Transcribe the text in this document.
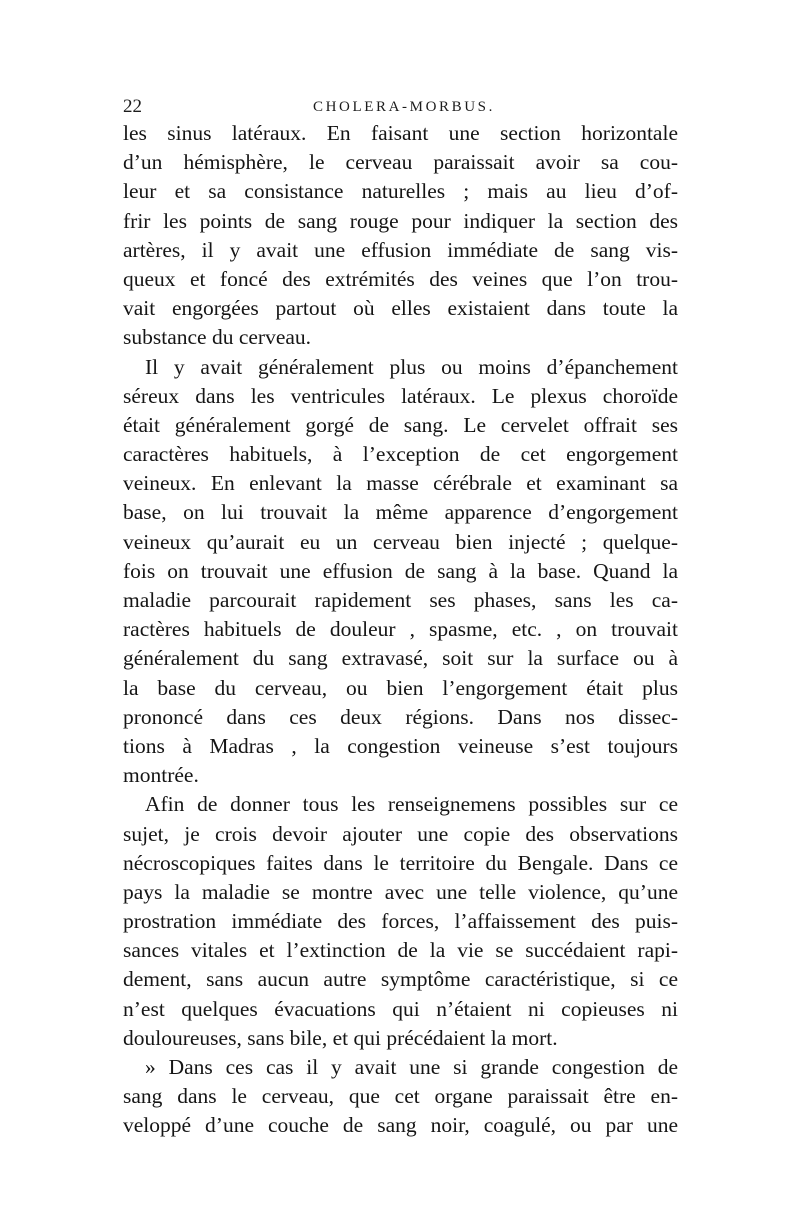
22	CHOLERA-MORBUS.
les sinus latéraux. En faisant une section horizontale
d’un hémisphère, le cerveau paraissait avoir sa cou-
leur et sa consistance naturelles ; mais au lieu d’of-
frir les points de sang rouge pour indiquer la section des
artères, il y avait une effusion immédiate de sang vis-
queux et foncé des extrémités des veines que l’on trou-
vait engorgées partout où elles existaient dans toute la
substance du cerveau.
Il y avait généralement plus ou moins d’épanchement
séreux dans les ventricules latéraux. Le plexus choroïde
était généralement gorgé de sang. Le cervelet offrait ses
caractères habituels, à l’exception de cet engorgement
veineux. En enlevant la masse cérébrale et examinant sa
base, on lui trouvait la même apparence d’engorgement
veineux qu’aurait eu un cerveau bien injecté ; quelque-
fois on trouvait une effusion de sang à la base. Quand la
maladie parcourait rapidement ses phases, sans les ca-
ractères habituels de douleur , spasme, etc. , on trouvait
généralement du sang extravasé, soit sur la surface ou à
la base du cerveau, ou bien l’engorgement était plus
prononcé dans ces deux régions. Dans nos dissec-
tions à Madras , la congestion veineuse s’est toujours
montrée.
Afin de donner tous les renseignemens possibles sur ce
sujet, je crois devoir ajouter une copie des observations
nécroscopiques faites dans le territoire du Bengale. Dans ce
pays la maladie se montre avec une telle violence, qu’une
prostration immédiate des forces, l’affaissement des puis-
sances vitales et l’extinction de la vie se succédaient rapi-
dement, sans aucun autre symptôme caractéristique, si ce
n’est quelques évacuations qui n’étaient ni copieuses ni
douloureuses, sans bile, et qui précédaient la mort.
» Dans ces cas il y avait une si grande congestion de
sang dans le cerveau, que cet organe paraissait être en-
veloppé d’une couche de sang noir, coagulé, ou par une
